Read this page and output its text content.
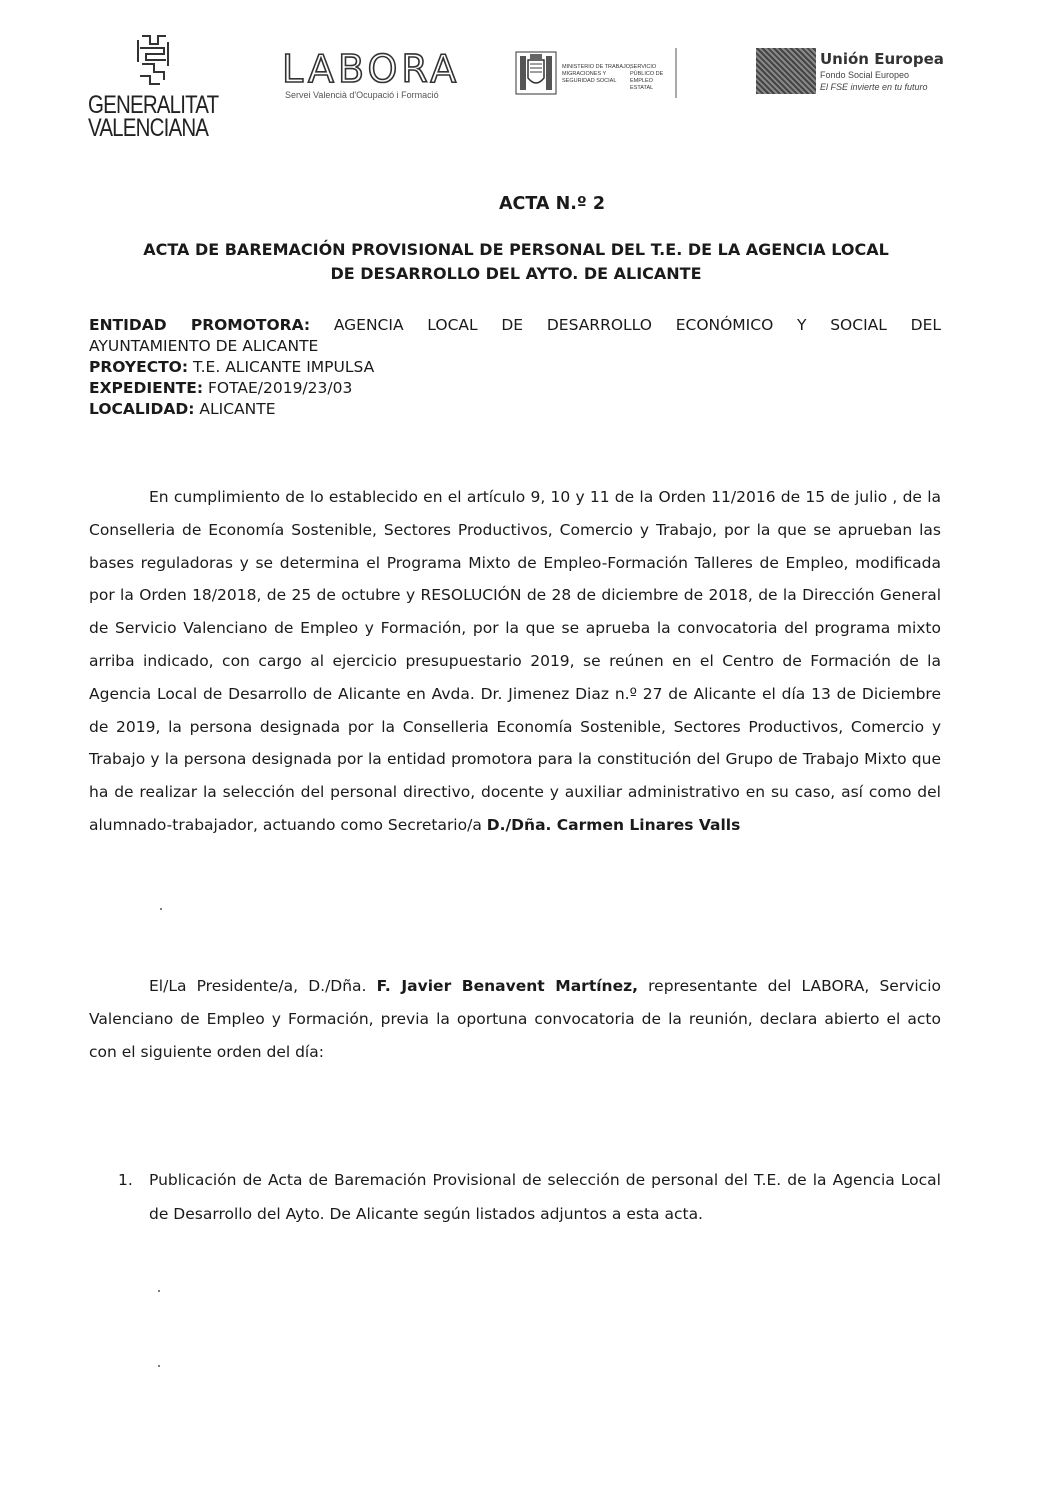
GENERALITAT
VALENCIANA
LABORA
Servei Valencià d'Ocupació i Formació
MINISTERIO DE TRABAJO, MIGRACIONES Y SEGURIDAD SOCIAL
SERVICIO PÚBLICO DE EMPLEO ESTATAL
Unión Europea
Fondo Social Europeo
El FSE invierte en tu futuro
ACTA N.º 2
ACTA DE BAREMACIÓN PROVISIONAL DE PERSONAL DEL T.E. DE LA AGENCIA LOCAL
DE DESARROLLO DEL AYTO. DE ALICANTE
ENTIDAD PROMOTORA: AGENCIA LOCAL DE DESARROLLO ECONÓMICO Y SOCIAL DEL
AYUNTAMIENTO DE ALICANTE
PROYECTO: T.E. ALICANTE IMPULSA
EXPEDIENTE: FOTAE/2019/23/03
LOCALIDAD: ALICANTE
En cumplimiento de lo establecido en el artículo 9, 10 y 11 de la Orden 11/2016 de 15 de julio , de la Conselleria de Economía Sostenible, Sectores Productivos, Comercio y Trabajo, por la que se aprueban las bases reguladoras y se determina el Programa Mixto de Empleo-Formación Talleres de Empleo, modificada por la Orden 18/2018, de 25 de octubre y RESOLUCIÓN de 28 de diciembre de 2018, de la Dirección General de Servicio Valenciano de Empleo y Formación, por la que se aprueba la convocatoria del programa mixto arriba indicado, con cargo al ejercicio presupuestario 2019, se reúnen en el Centro de Formación de la Agencia Local de Desarrollo de Alicante en Avda. Dr. Jimenez Diaz n.º 27 de Alicante el día 13 de Diciembre de 2019, la persona designada por la Conselleria Economía Sostenible, Sectores Productivos, Comercio y Trabajo y la persona designada por la entidad promotora para la constitución del Grupo de Trabajo Mixto que ha de realizar la selección del personal directivo, docente y auxiliar administrativo en su caso, así como del alumnado-trabajador, actuando como Secretario/a D./Dña. Carmen Linares Valls
El/La Presidente/a, D./Dña. F. Javier Benavent Martínez, representante del LABORA, Servicio Valenciano de Empleo y Formación, previa la oportuna convocatoria de la reunión, declara abierto el acto con el siguiente orden del día:
1. Publicación de Acta de Baremación Provisional de selección de personal del T.E. de la Agencia Local de Desarrollo del Ayto. De Alicante según listados adjuntos a esta acta.
